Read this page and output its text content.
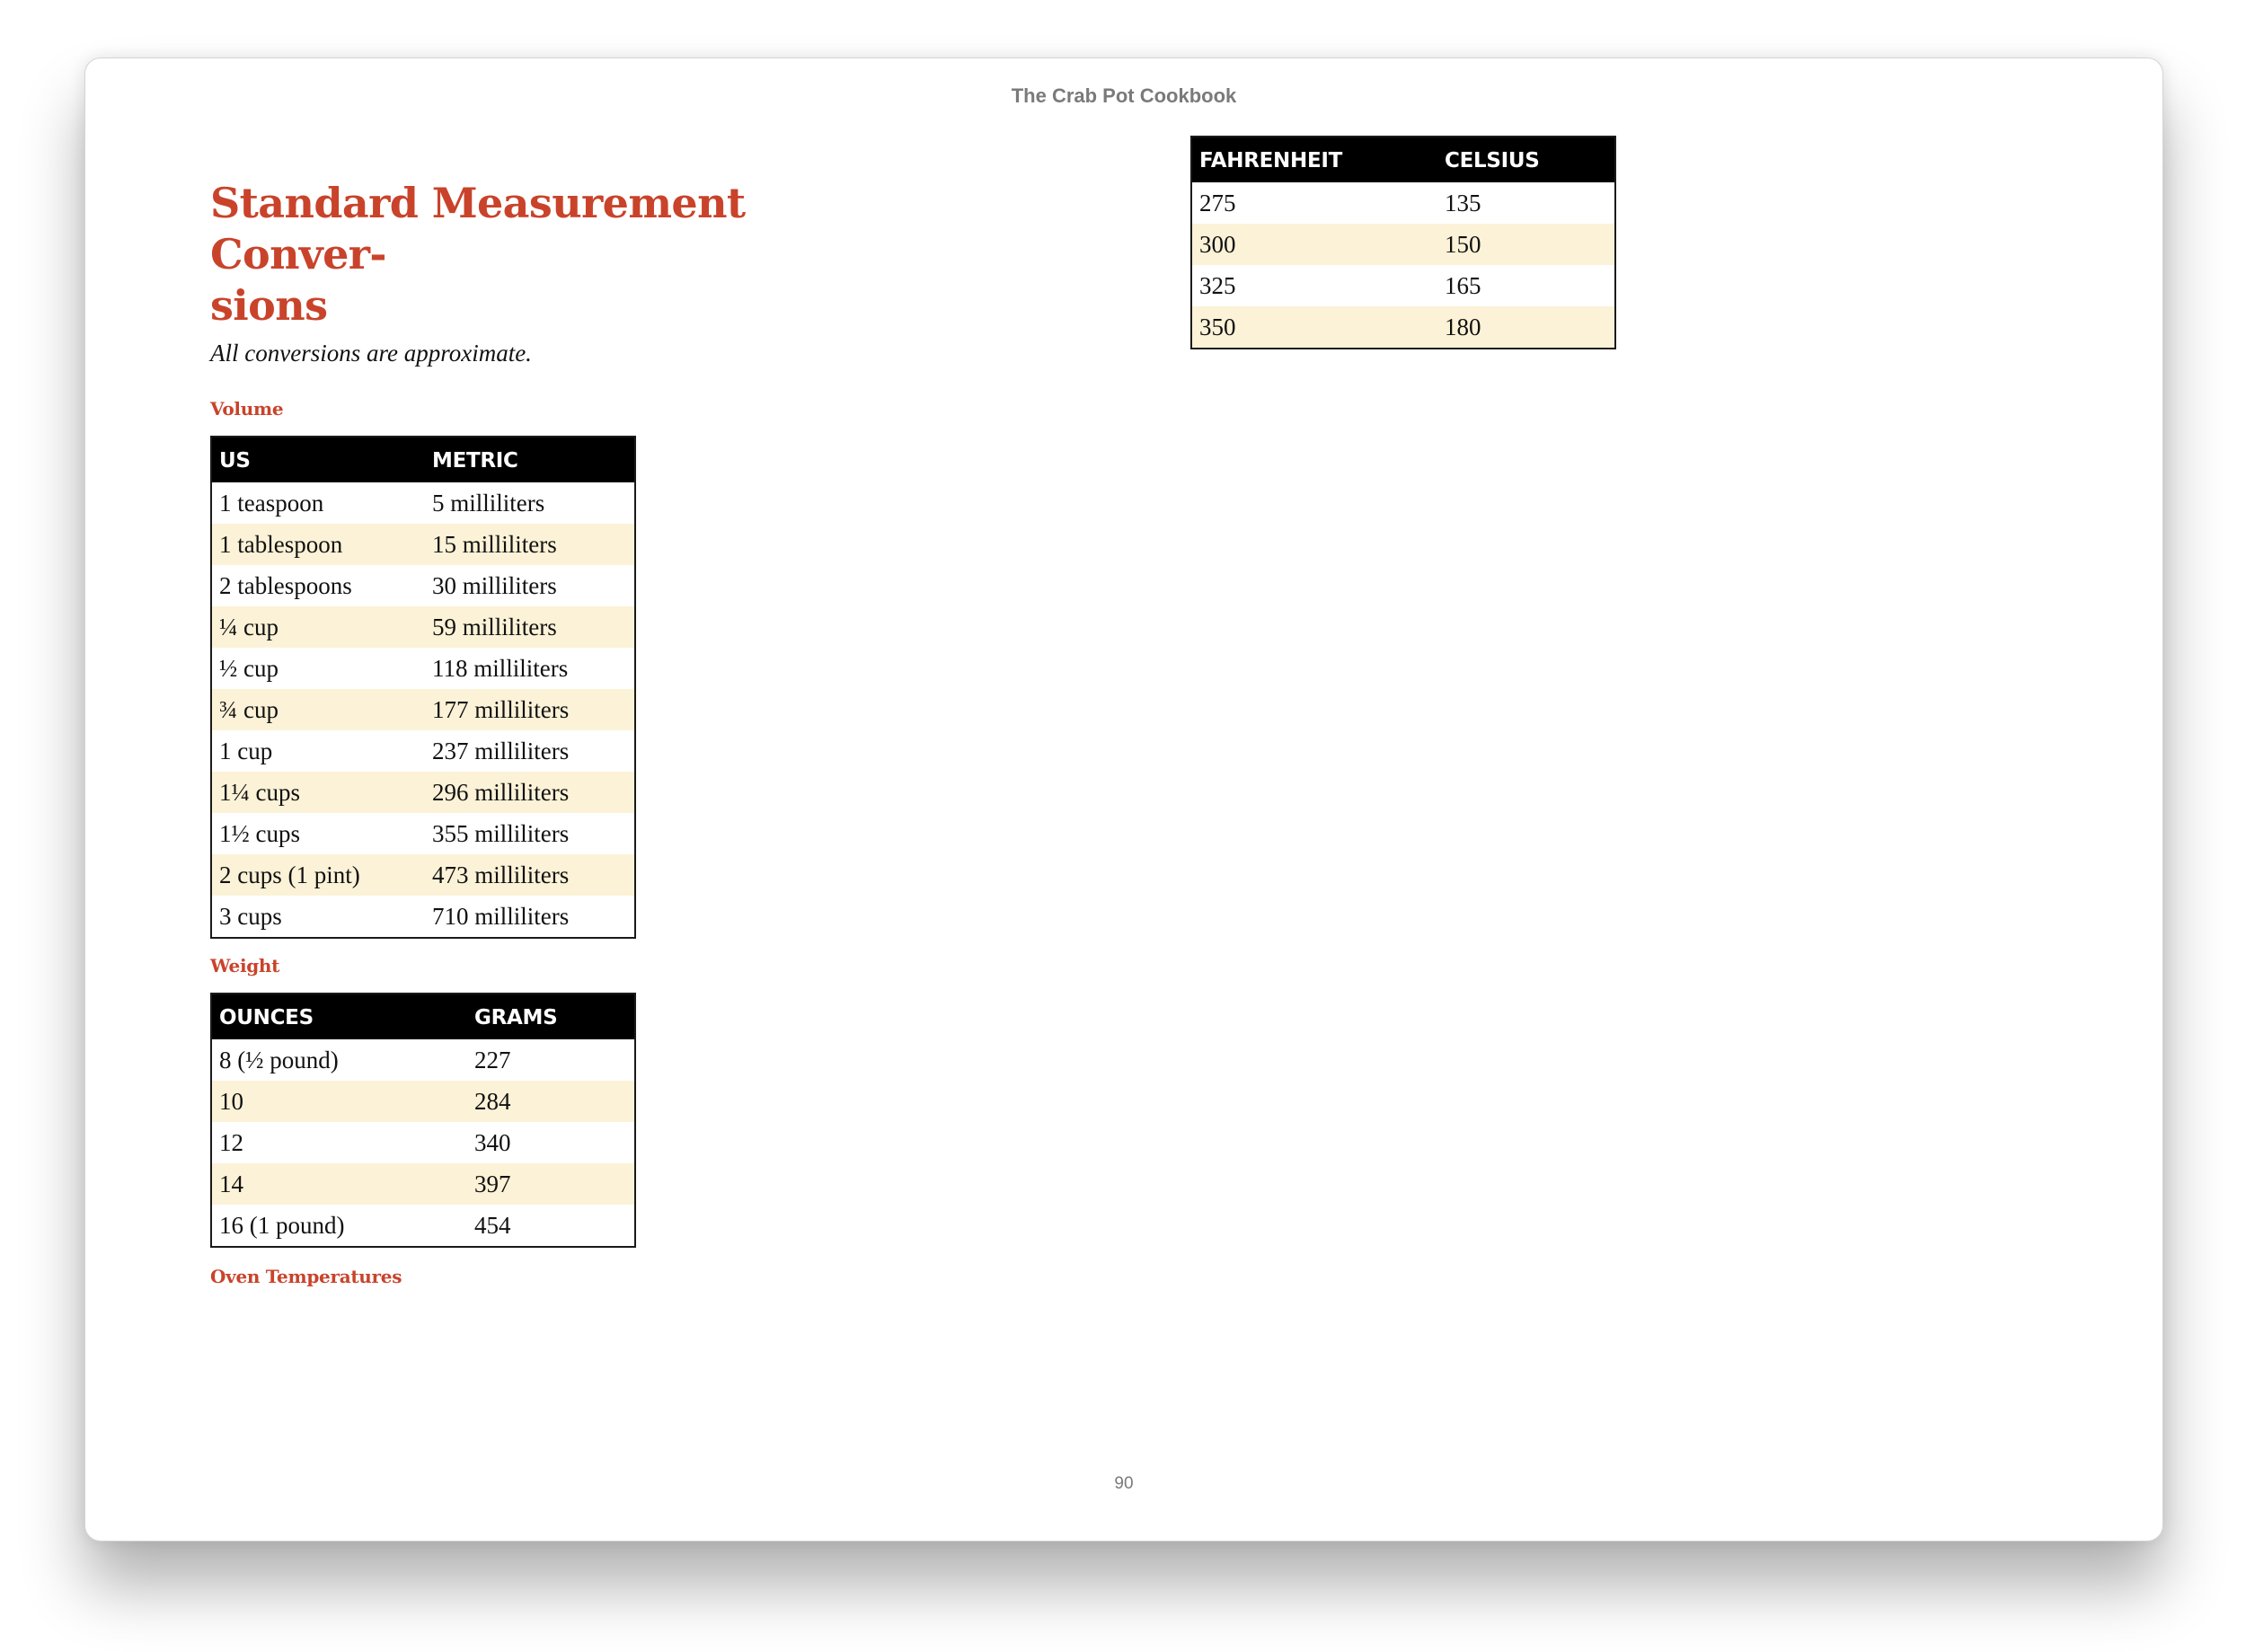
The Crab Pot Cookbook
Standard Measurement Conver-
sions

All conversions are approximate.

Volume
US	METRIC
1 teaspoon	5 milliliters
1 tablespoon	15 milliliters
2 tablespoons	30 milliliters
¼ cup	59 milliliters
½ cup	118 milliliters
¾ cup	177 milliliters
1 cup	237 milliliters
1¼ cups	296 milliliters
1½ cups	355 milliliters
2 cups (1 pint)	473 milliliters
3 cups	710 milliliters
Weight
OUNCES	GRAMS
8 (½ pound)	227
10	284
12	340
14	397
16 (1 pound)	454
Oven Temperatures
FAHRENHEIT	CELSIUS
275	135
300	150
325	165
350	180
90
